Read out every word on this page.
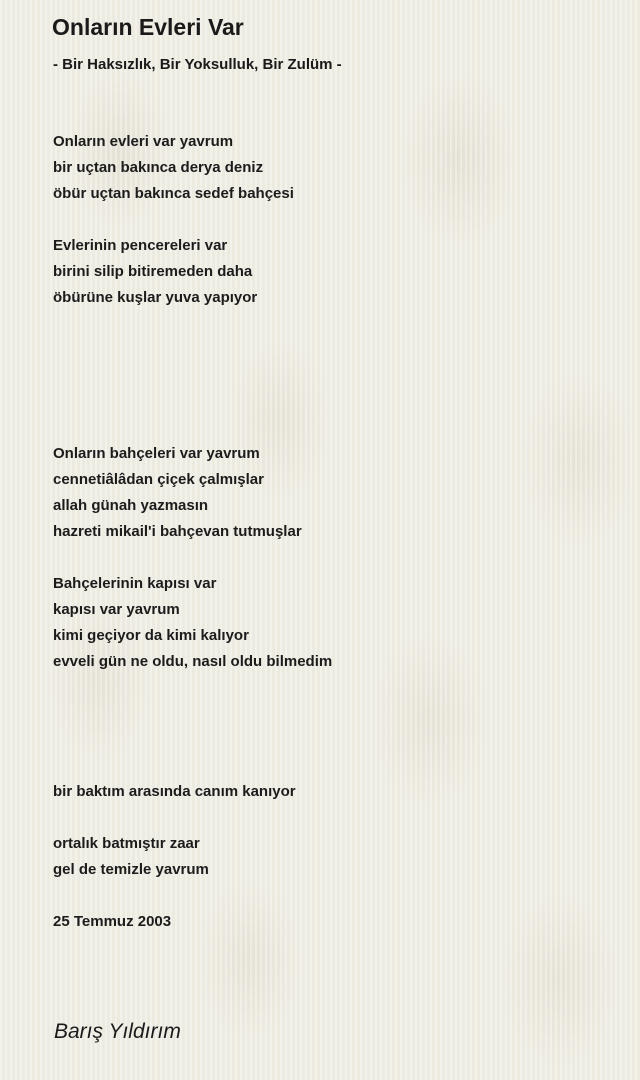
Onların Evleri Var
- Bir Haksızlık, Bir Yoksulluk, Bir Zulüm -
Onların evleri var yavrum
bir uçtan bakınca derya deniz
öbür uçtan bakınca sedef bahçesi
Evlerinin pencereleri var
birini silip bitiremeden daha
öbürüne kuşlar yuva yapıyor
Onların bahçeleri var yavrum
cennetiâlâdan çiçek çalmışlar
allah günah yazmasın
hazreti mikail'i bahçevan tutmuşlar
Bahçelerinin kapısı var
kapısı var yavrum
kimi geçiyor da kimi kalıyor
evveli gün ne oldu, nasıl oldu bilmedim
bir baktım arasında canım kanıyor
ortalık batmıştır zaar
gel de temizle yavrum
25 Temmuz 2003

Barış Yıldırım
